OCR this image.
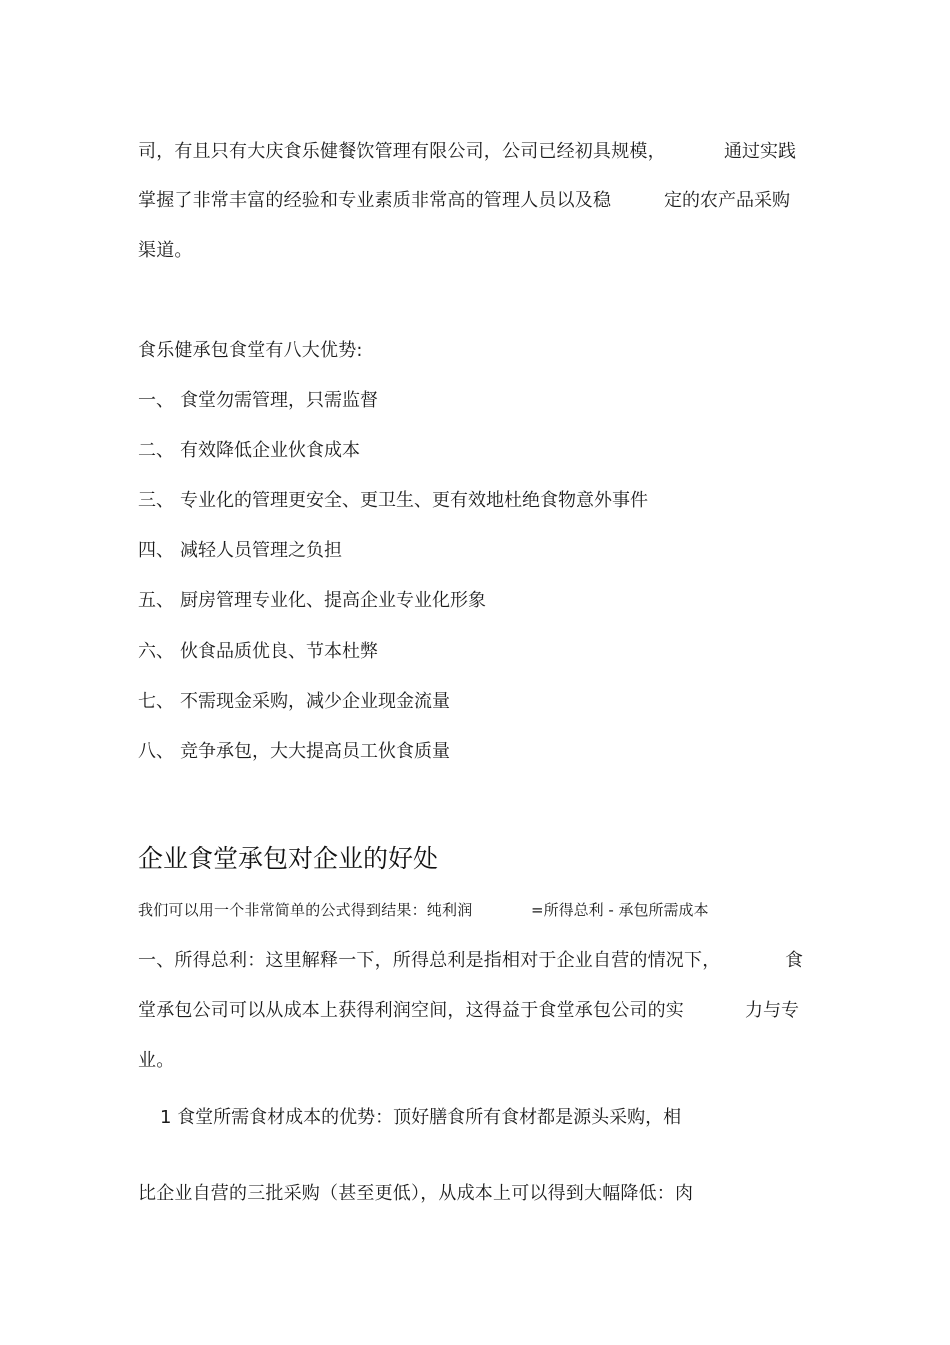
司，有且只有大庆食乐健餐饮管理有限公司，公司已经初具规模，	通过实践
掌握了非常丰富的经验和专业素质非常高的管理人员以及稳	定的农产品采购
渠道。
食乐健承包食堂有八大优势:
一、 食堂勿需管理，只需监督
二、 有效降低企业伙食成本
三、 专业化的管理更安全、更卫生、更有效地杜绝食物意外事件
四、 减轻人员管理之负担
五、 厨房管理专业化、提高企业专业化形象
六、 伙食品质优良、节本杜弊
七、 不需现金采购，减少企业现金流量
八、 竞争承包，大大提高员工伙食质量
企业食堂承包对企业的好处
我们可以用一个非常简单的公式得到结果：纯利润	=所得总利 - 承包所需成本
一、所得总利：这里解释一下，所得总利是指相对于企业自营的情况下，	食
堂承包公司可以从成本上获得利润空间，这得益于食堂承包公司的实	力与专
业。
1 食堂所需食材成本的优势：顶好膳食所有食材都是源头采购，相
比企业自营的三批采购（甚至更低），从成本上可以得到大幅降低：肉
